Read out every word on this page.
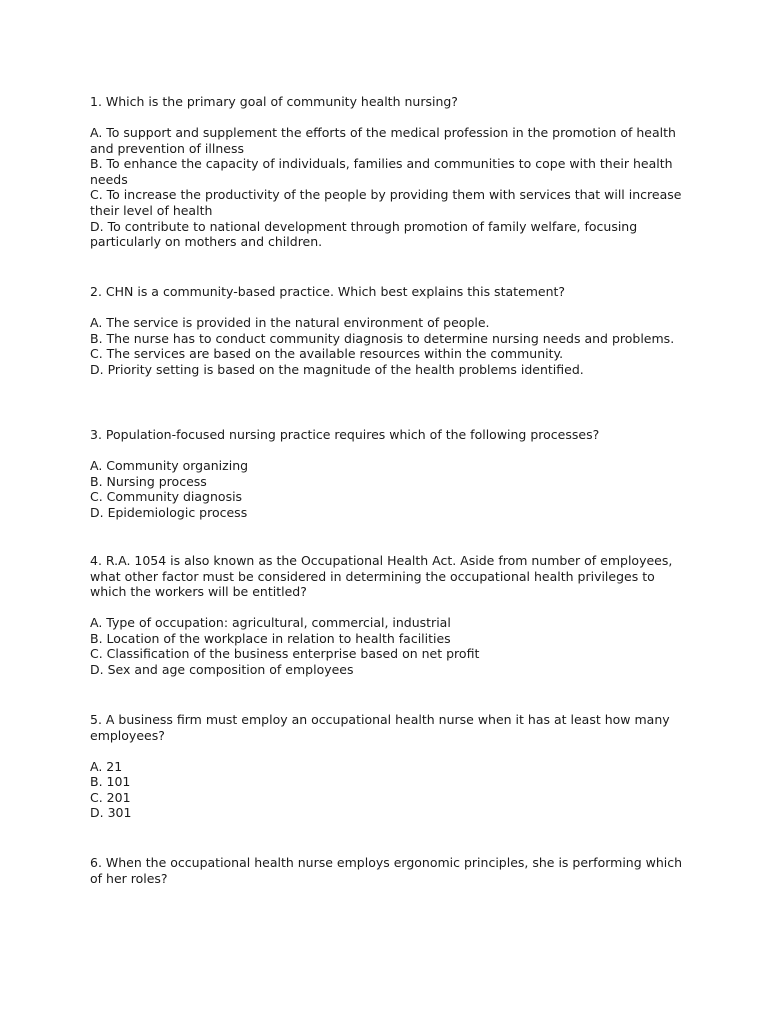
1. Which is the primary goal of community health nursing?

A. To support and supplement the efforts of the medical profession in the promotion of health and prevention of illness
B. To enhance the capacity of individuals, families and communities to cope with their health needs
C. To increase the productivity of the people by providing them with services that will increase their level of health
D. To contribute to national development through promotion of family welfare, focusing particularly on mothers and children.

2. CHN is a community-based practice. Which best explains this statement?

A. The service is provided in the natural environment of people.
B. The nurse has to conduct community diagnosis to determine nursing needs and problems.
C. The services are based on the available resources within the community.
D. Priority setting is based on the magnitude of the health problems identified.

3. Population-focused nursing practice requires which of the following processes?

A. Community organizing
B. Nursing process
C. Community diagnosis
D. Epidemiologic process

4. R.A. 1054 is also known as the Occupational Health Act. Aside from number of employees, what other factor must be considered in determining the occupational health privileges to which the workers will be entitled?

A. Type of occupation: agricultural, commercial, industrial
B. Location of the workplace in relation to health facilities
C. Classification of the business enterprise based on net profit
D. Sex and age composition of employees

5. A business firm must employ an occupational health nurse when it has at least how many employees?

A. 21
B. 101
C. 201
D. 301

6. When the occupational health nurse employs ergonomic principles, she is performing which of her roles?
